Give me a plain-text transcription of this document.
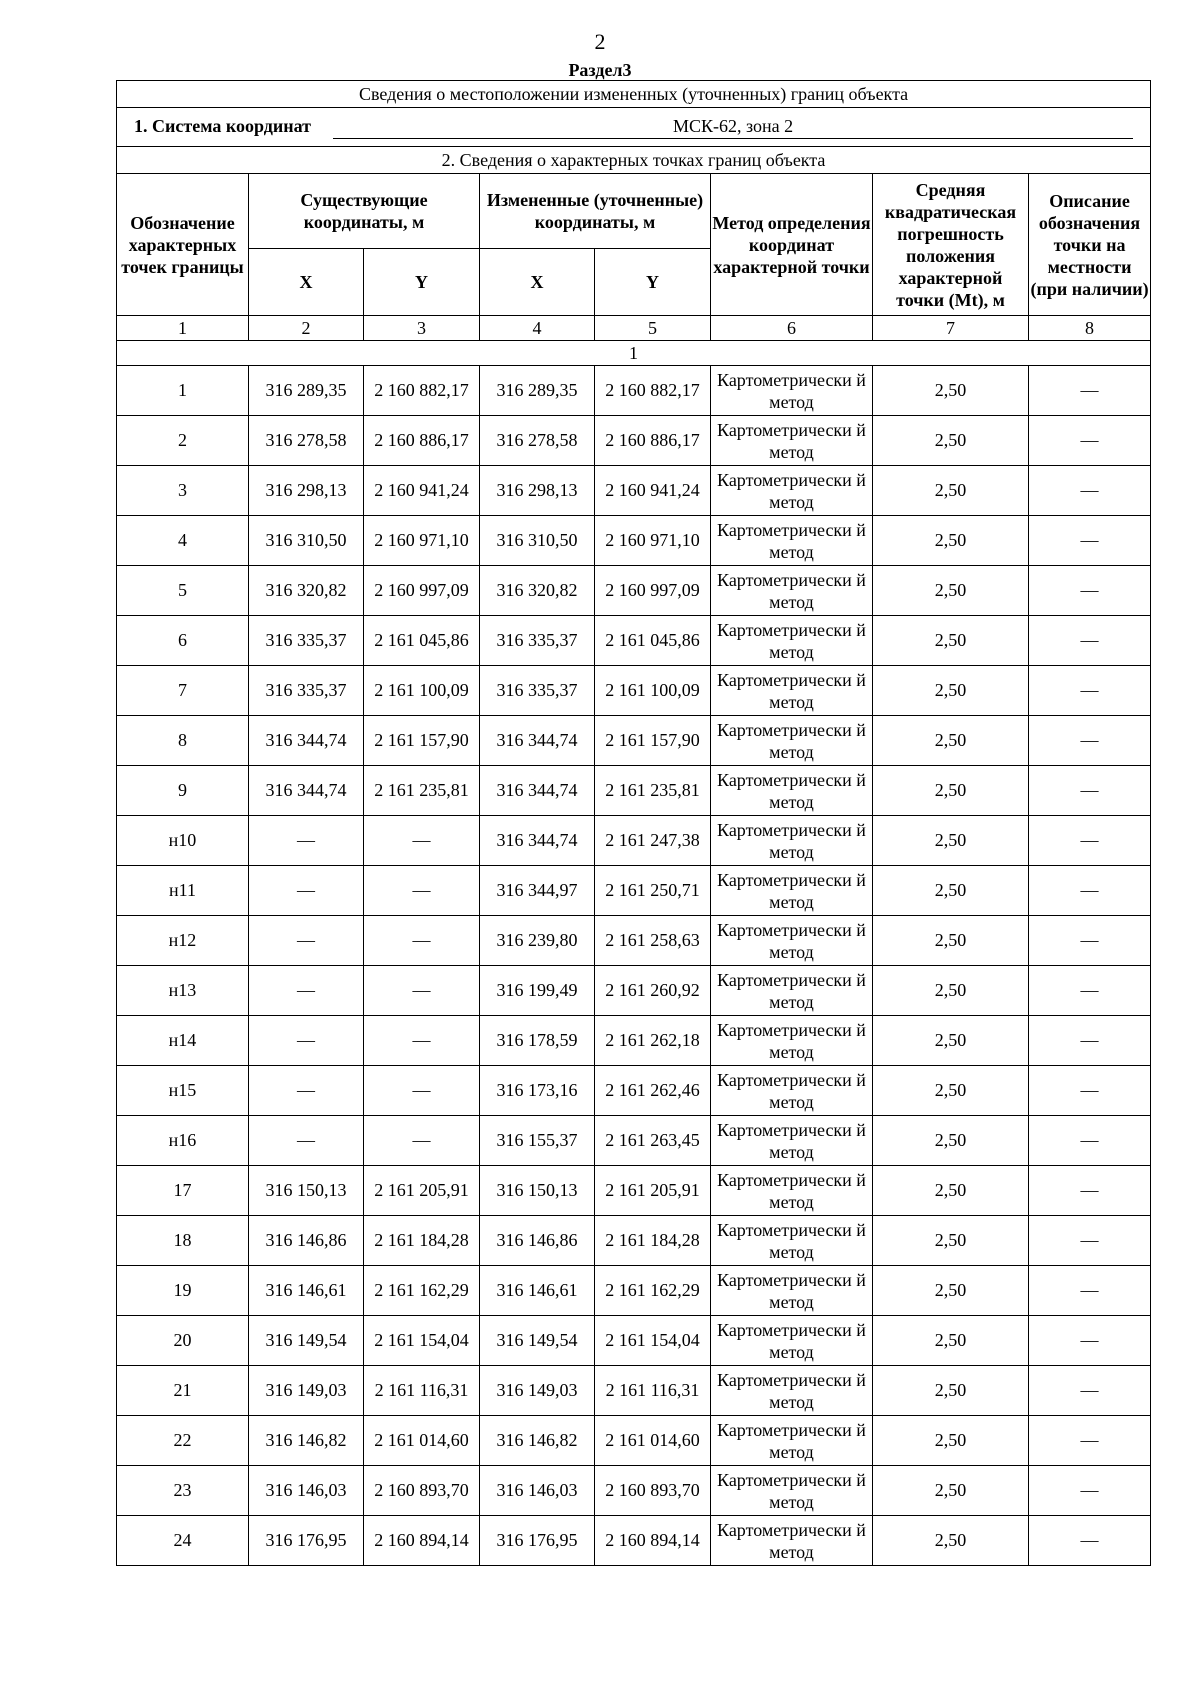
2
Раздел3
Сведения о местоположении измененных (уточненных) границ объекта							
1. Система координат МСК-62, зона 2							
2. Сведения о характерных точках границ объекта							
Обозначение характерных точек границы	Существующие координаты, м		Измененные (уточненные) координаты, м		Метод определения координат характерной точки	Средняя квадратическая погрешность положения характерной точки (Mt), м	Описание обозначения точки на местности (при наличии)
	X	Y	X	Y			
1	2	3	4	5	6	7	8
1							
1	316 289,35	2 160 882,17	316 289,35	2 160 882,17	Картометрически й метод	2,50	—
2	316 278,58	2 160 886,17	316 278,58	2 160 886,17	Картометрически й метод	2,50	—
3	316 298,13	2 160 941,24	316 298,13	2 160 941,24	Картометрически й метод	2,50	—
4	316 310,50	2 160 971,10	316 310,50	2 160 971,10	Картометрически й метод	2,50	—
5	316 320,82	2 160 997,09	316 320,82	2 160 997,09	Картометрически й метод	2,50	—
6	316 335,37	2 161 045,86	316 335,37	2 161 045,86	Картометрически й метод	2,50	—
7	316 335,37	2 161 100,09	316 335,37	2 161 100,09	Картометрически й метод	2,50	—
8	316 344,74	2 161 157,90	316 344,74	2 161 157,90	Картометрически й метод	2,50	—
9	316 344,74	2 161 235,81	316 344,74	2 161 235,81	Картометрически й метод	2,50	—
н10	—	—	316 344,74	2 161 247,38	Картометрически й метод	2,50	—
н11	—	—	316 344,97	2 161 250,71	Картометрически й метод	2,50	—
н12	—	—	316 239,80	2 161 258,63	Картометрически й метод	2,50	—
н13	—	—	316 199,49	2 161 260,92	Картометрически й метод	2,50	—
н14	—	—	316 178,59	2 161 262,18	Картометрически й метод	2,50	—
н15	—	—	316 173,16	2 161 262,46	Картометрически й метод	2,50	—
н16	—	—	316 155,37	2 161 263,45	Картометрически й метод	2,50	—
17	316 150,13	2 161 205,91	316 150,13	2 161 205,91	Картометрически й метод	2,50	—
18	316 146,86	2 161 184,28	316 146,86	2 161 184,28	Картометрически й метод	2,50	—
19	316 146,61	2 161 162,29	316 146,61	2 161 162,29	Картометрически й метод	2,50	—
20	316 149,54	2 161 154,04	316 149,54	2 161 154,04	Картометрически й метод	2,50	—
21	316 149,03	2 161 116,31	316 149,03	2 161 116,31	Картометрически й метод	2,50	—
22	316 146,82	2 161 014,60	316 146,82	2 161 014,60	Картометрически й метод	2,50	—
23	316 146,03	2 160 893,70	316 146,03	2 160 893,70	Картометрически й метод	2,50	—
24	316 176,95	2 160 894,14	316 176,95	2 160 894,14	Картометрически й метод	2,50	—
